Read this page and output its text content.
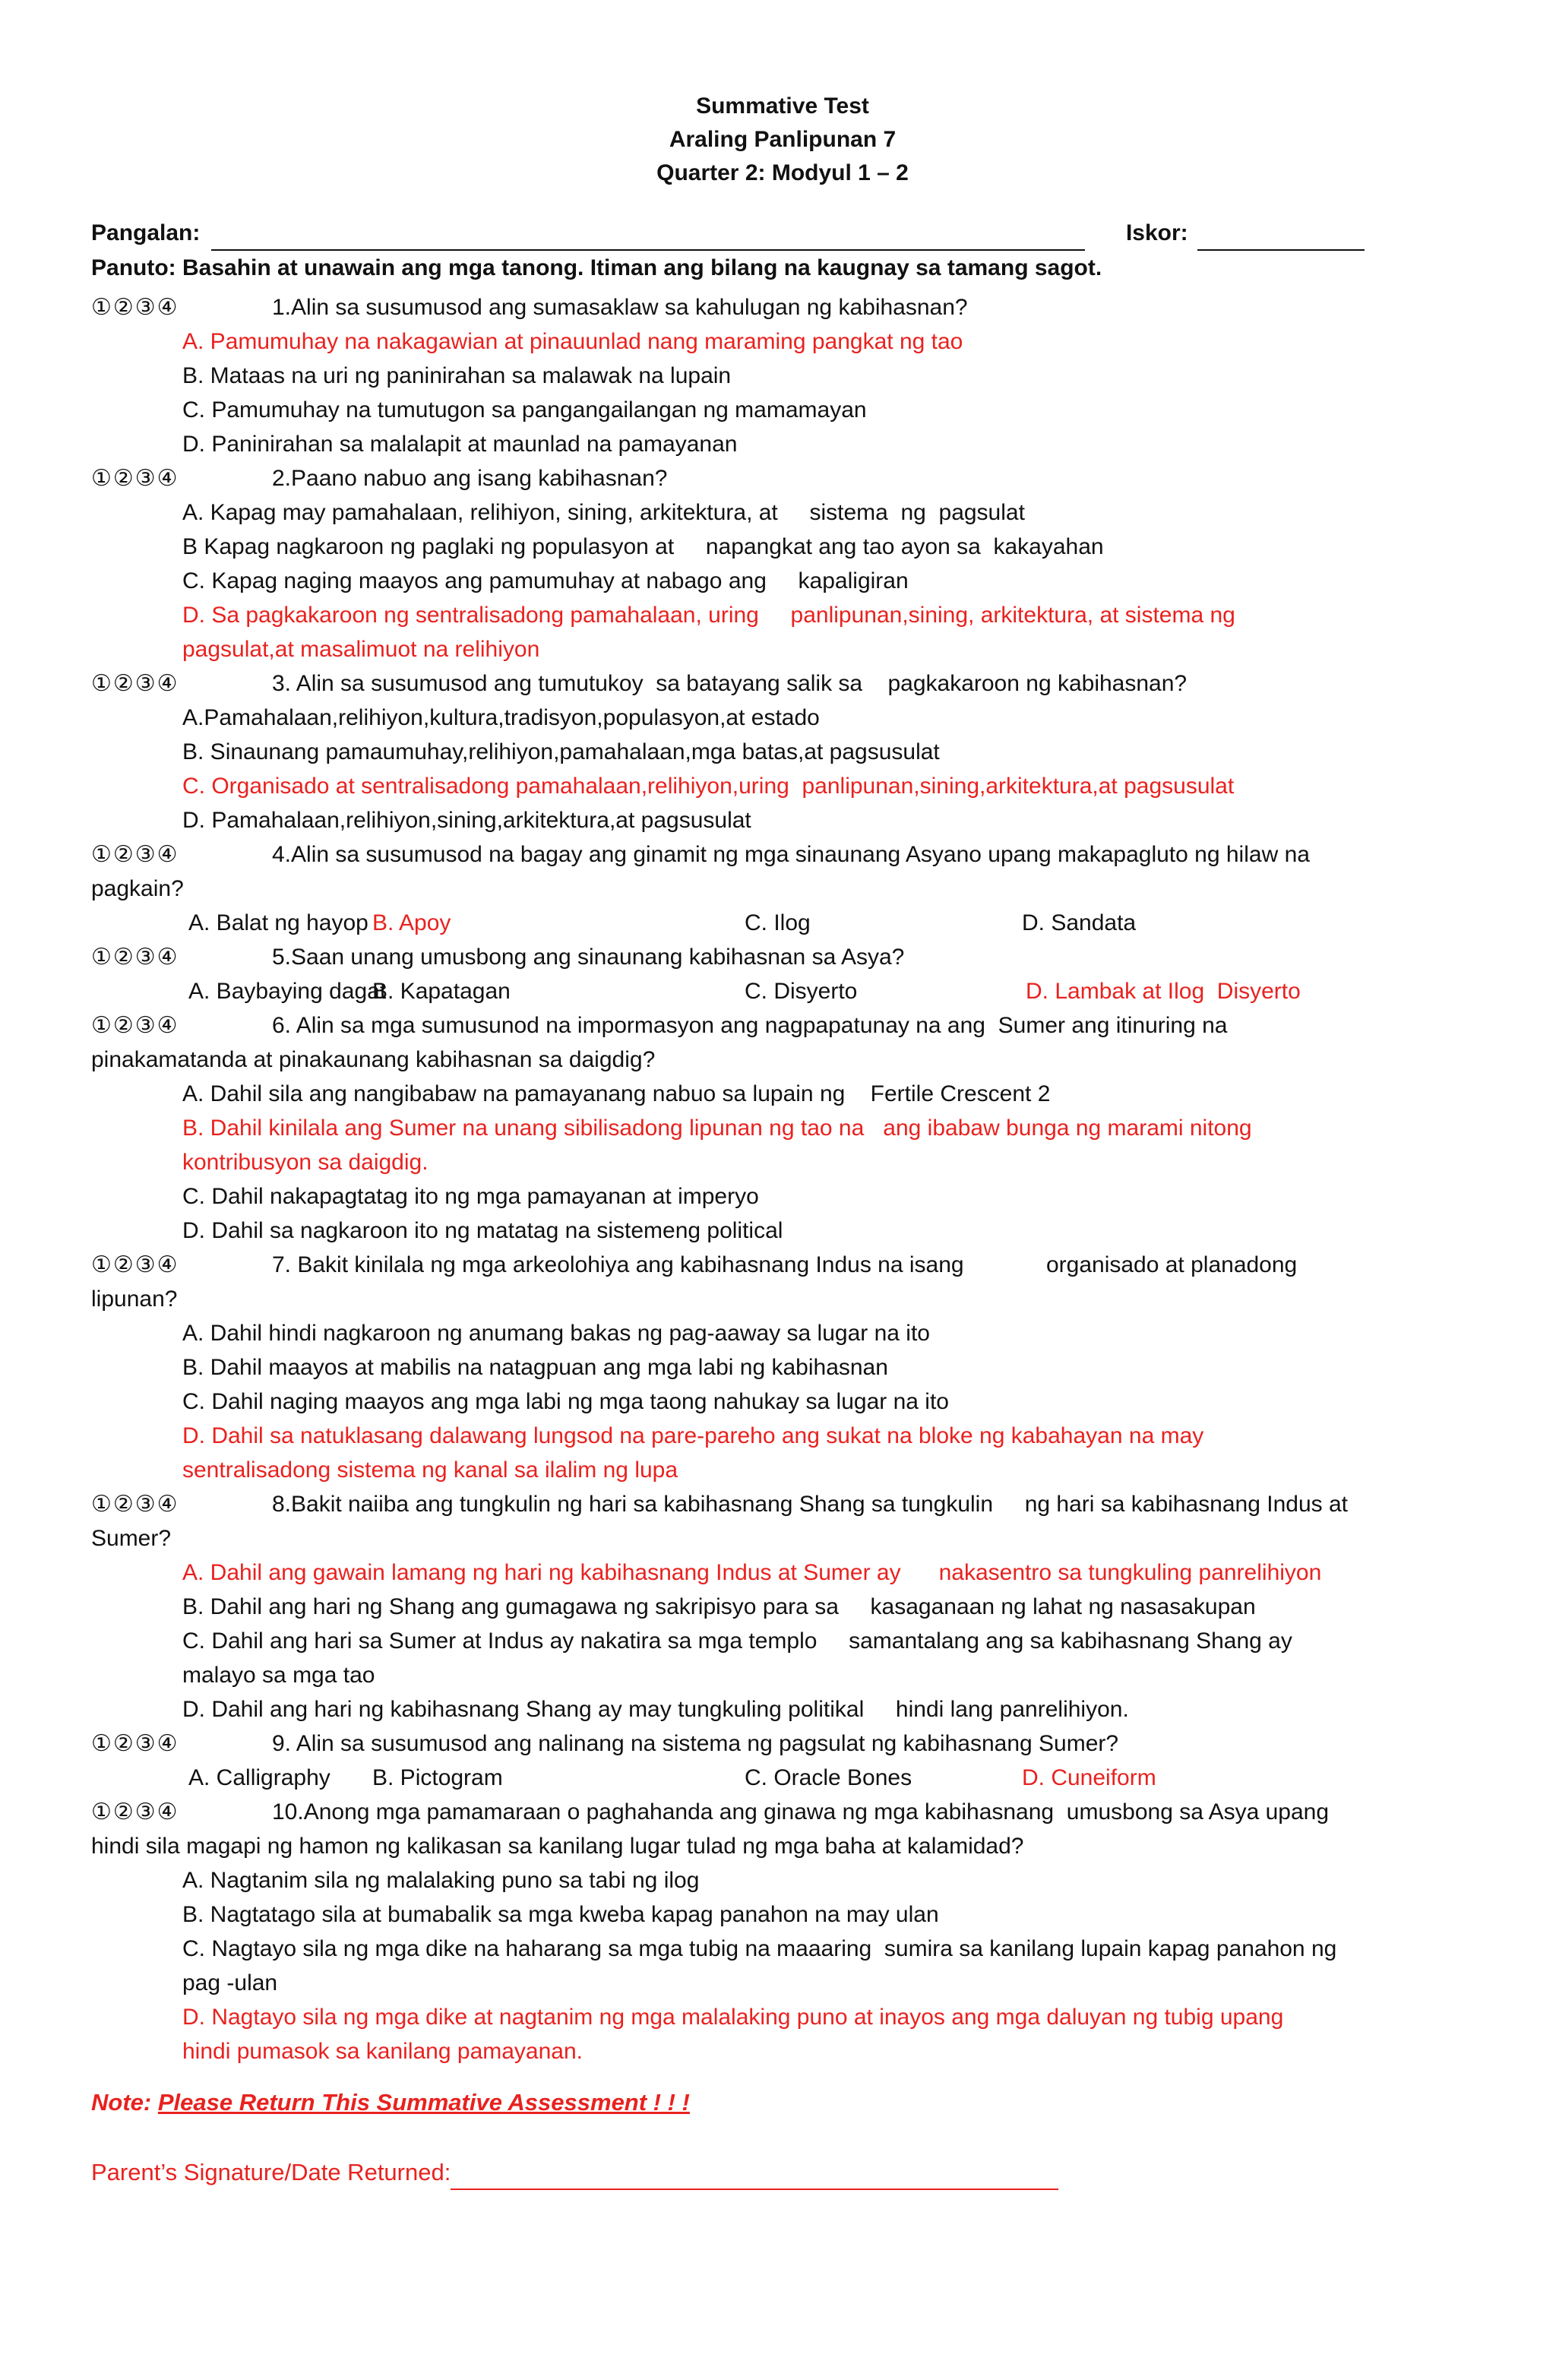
Summative Test
Araling Panlipunan 7
Quarter 2: Modyul 1 – 2
Pangalan:	Iskor:
Panuto: Basahin at unawain ang mga tanong. Itiman ang bilang na kaugnay sa tamang sagot.
①②③④	1.Alin sa susumusod ang sumasaklaw sa kahulugan ng kabihasnan?
A. Pamumuhay na nakagawian at pinauunlad nang maraming pangkat ng tao
B. Mataas na uri ng paninirahan sa malawak na lupain
C. Pamumuhay na tumutugon sa pangangailangan ng mamamayan
D. Paninirahan sa malalapit at maunlad na pamayanan
①②③④	2.Paano nabuo ang isang kabihasnan?
A. Kapag may pamahalaan, relihiyon, sining, arkitektura, at     sistema  ng  pagsulat
B Kapag nagkaroon ng paglaki ng populasyon at     napangkat ang tao ayon sa  kakayahan
C. Kapag naging maayos ang pamumuhay at nabago ang     kapaligiran
D. Sa pagkakaroon ng sentralisadong pamahalaan, uring     panlipunan,sining, arkitektura, at sistema ng
pagsulat,at masalimuot na relihiyon
①②③④	3. Alin sa susumusod ang tumutukoy  sa batayang salik sa    pagkakaroon ng kabihasnan?
A.Pamahalaan,relihiyon,kultura,tradisyon,populasyon,at estado
B. Sinaunang pamaumuhay,relihiyon,pamahalaan,mga batas,at pagsusulat
C. Organisado at sentralisadong pamahalaan,relihiyon,uring  panlipunan,sining,arkitektura,at pagsusulat
D. Pamahalaan,relihiyon,sining,arkitektura,at pagsusulat
①②③④	4.Alin sa susumusod na bagay ang ginamit ng mga sinaunang Asyano upang makapagluto ng hilaw na
pagkain?
A. Balat ng hayop B. Apoy	C. Ilog	D. Sandata
①②③④	5.Saan unang umusbong ang sinaunang kabihasnan sa Asya?
A. Baybaying dagat
B. Kapatagan	C. Disyerto	D. Lambak at Ilog  Disyerto
①②③④	6. Alin sa mga sumusunod na impormasyon ang nagpapatunay na ang  Sumer ang itinuring na
pinakamatanda at pinakaunang kabihasnan sa daigdig?
A. Dahil sila ang nangibabaw na pamayanang nabuo sa lupain ng    Fertile Crescent 2
B. Dahil kinilala ang Sumer na unang sibilisadong lipunan ng tao na   ang ibabaw bunga ng marami nitong
kontribusyon sa daigdig.
C. Dahil nakapagtatag ito ng mga pamayanan at imperyo
D. Dahil sa nagkaroon ito ng matatag na sistemeng political
①②③④	7. Bakit kinilala ng mga arkeolohiya ang kabihasnang Indus na isang             organisado at planadong
lipunan?
A. Dahil hindi nagkaroon ng anumang bakas ng pag-aaway sa lugar na ito
B. Dahil maayos at mabilis na natagpuan ang mga labi ng kabihasnan
C. Dahil naging maayos ang mga labi ng mga taong nahukay sa lugar na ito
D. Dahil sa natuklasang dalawang lungsod na pare-pareho ang sukat na bloke ng kabahayan na may
sentralisadong sistema ng kanal sa ilalim ng lupa
①②③④	8.Bakit naiiba ang tungkulin ng hari sa kabihasnang Shang sa tungkulin     ng hari sa kabihasnang Indus at
Sumer?
A. Dahil ang gawain lamang ng hari ng kabihasnang Indus at Sumer ay      nakasentro sa tungkuling panrelihiyon
B. Dahil ang hari ng Shang ang gumagawa ng sakripisyo para sa     kasaganaan ng lahat ng nasasakupan
C. Dahil ang hari sa Sumer at Indus ay nakatira sa mga templo     samantalang ang sa kabihasnang Shang ay
malayo sa mga tao
D. Dahil ang hari ng kabihasnang Shang ay may tungkuling politikal     hindi lang panrelihiyon.
①②③④	9. Alin sa susumusod ang nalinang na sistema ng pagsulat ng kabihasnang Sumer?
A. Calligraphy B. Pictogram	C. Oracle Bones	D. Cuneiform
①②③④	10.Anong mga pamamaraan o paghahanda ang ginawa ng mga kabihasnang  umusbong sa Asya upang
hindi sila magapi ng hamon ng kalikasan sa kanilang lugar tulad ng mga baha at kalamidad?
A. Nagtanim sila ng malalaking puno sa tabi ng ilog
B. Nagtatago sila at bumabalik sa mga kweba kapag panahon na may ulan
C. Nagtayo sila ng mga dike na haharang sa mga tubig na maaaring  sumira sa kanilang lupain kapag panahon ng
pag -ulan
D. Nagtayo sila ng mga dike at nagtanim ng mga malalaking puno at inayos ang mga daluyan ng tubig upang
hindi pumasok sa kanilang pamayanan.
Note: Please Return This Summative Assessment ! ! !
Parent’s Signature/Date Returned:
